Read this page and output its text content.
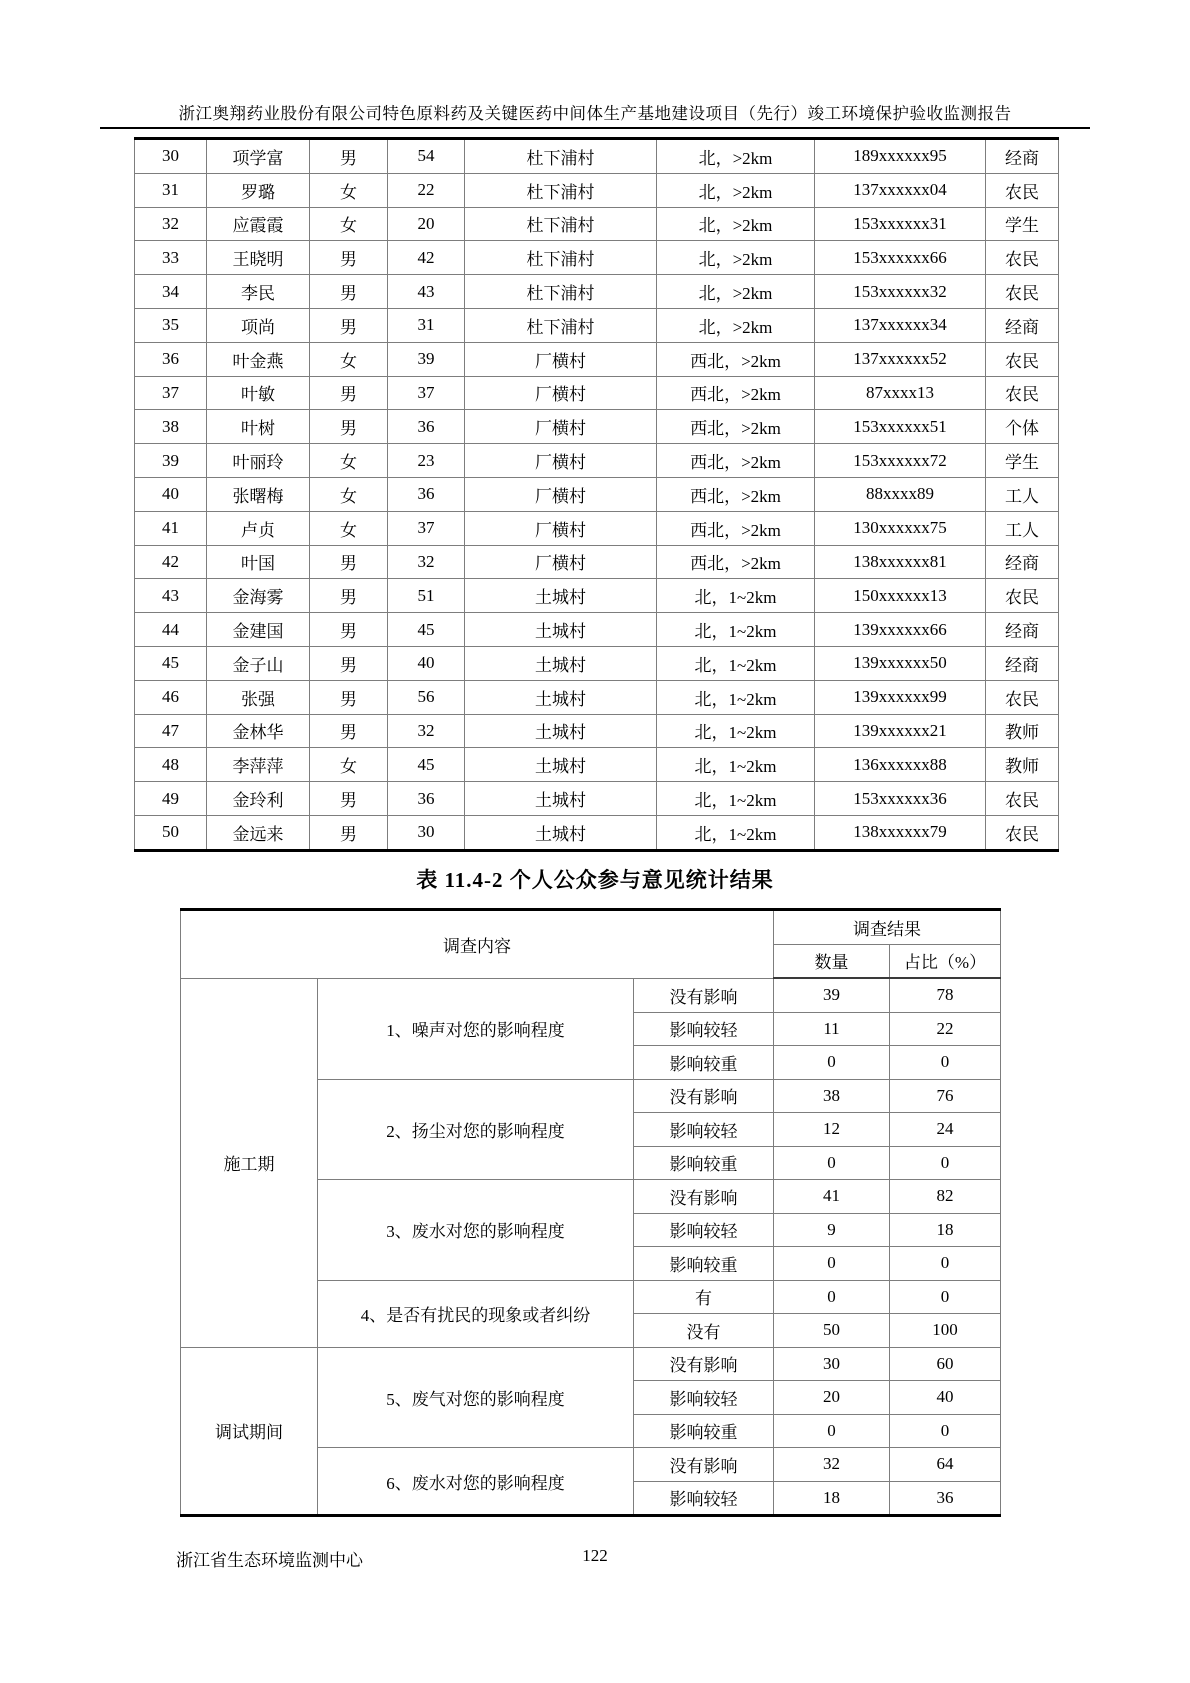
浙江奥翔药业股份有限公司特色原料药及关键医药中间体生产基地建设项目（先行）竣工环境保护验收监测报告
30	项学富	男	54	杜下浦村	北，>2km	189xxxxxx95	经商
31	罗璐	女	22	杜下浦村	北，>2km	137xxxxxx04	农民
32	应霞霞	女	20	杜下浦村	北，>2km	153xxxxxx31	学生
33	王晓明	男	42	杜下浦村	北，>2km	153xxxxxx66	农民
34	李民	男	43	杜下浦村	北，>2km	153xxxxxx32	农民
35	项尚	男	31	杜下浦村	北，>2km	137xxxxxx34	经商
36	叶金燕	女	39	厂横村	西北，>2km	137xxxxxx52	农民
37	叶敏	男	37	厂横村	西北，>2km	87xxxx13	农民
38	叶树	男	36	厂横村	西北，>2km	153xxxxxx51	个体
39	叶丽玲	女	23	厂横村	西北，>2km	153xxxxxx72	学生
40	张曙梅	女	36	厂横村	西北，>2km	88xxxx89	工人
41	卢贞	女	37	厂横村	西北，>2km	130xxxxxx75	工人
42	叶国	男	32	厂横村	西北，>2km	138xxxxxx81	经商
43	金海雾	男	51	土城村	北，1~2km	150xxxxxx13	农民
44	金建国	男	45	土城村	北，1~2km	139xxxxxx66	经商
45	金子山	男	40	土城村	北，1~2km	139xxxxxx50	经商
46	张强	男	56	土城村	北，1~2km	139xxxxxx99	农民
47	金林华	男	32	土城村	北，1~2km	139xxxxxx21	教师
48	李萍萍	女	45	土城村	北，1~2km	136xxxxxx88	教师
49	金玲利	男	36	土城村	北，1~2km	153xxxxxx36	农民
50	金远来	男	30	土城村	北，1~2km	138xxxxxx79	农民
表 11.4-2 个人公众参与意见统计结果
调查内容			调查结果	
			数量	占比（%）
施工期	1、噪声对您的影响程度	没有影响	39	78
		影响较轻	11	22
		影响较重	0	0
	2、扬尘对您的影响程度	没有影响	38	76
		影响较轻	12	24
		影响较重	0	0
	3、废水对您的影响程度	没有影响	41	82
		影响较轻	9	18
		影响较重	0	0
	4、是否有扰民的现象或者纠纷	有	0	0
		没有	50	100
调试期间	5、废气对您的影响程度	没有影响	30	60
		影响较轻	20	40
		影响较重	0	0
	6、废水对您的影响程度	没有影响	32	64
		影响较轻	18	36
122
浙江省生态环境监测中心
